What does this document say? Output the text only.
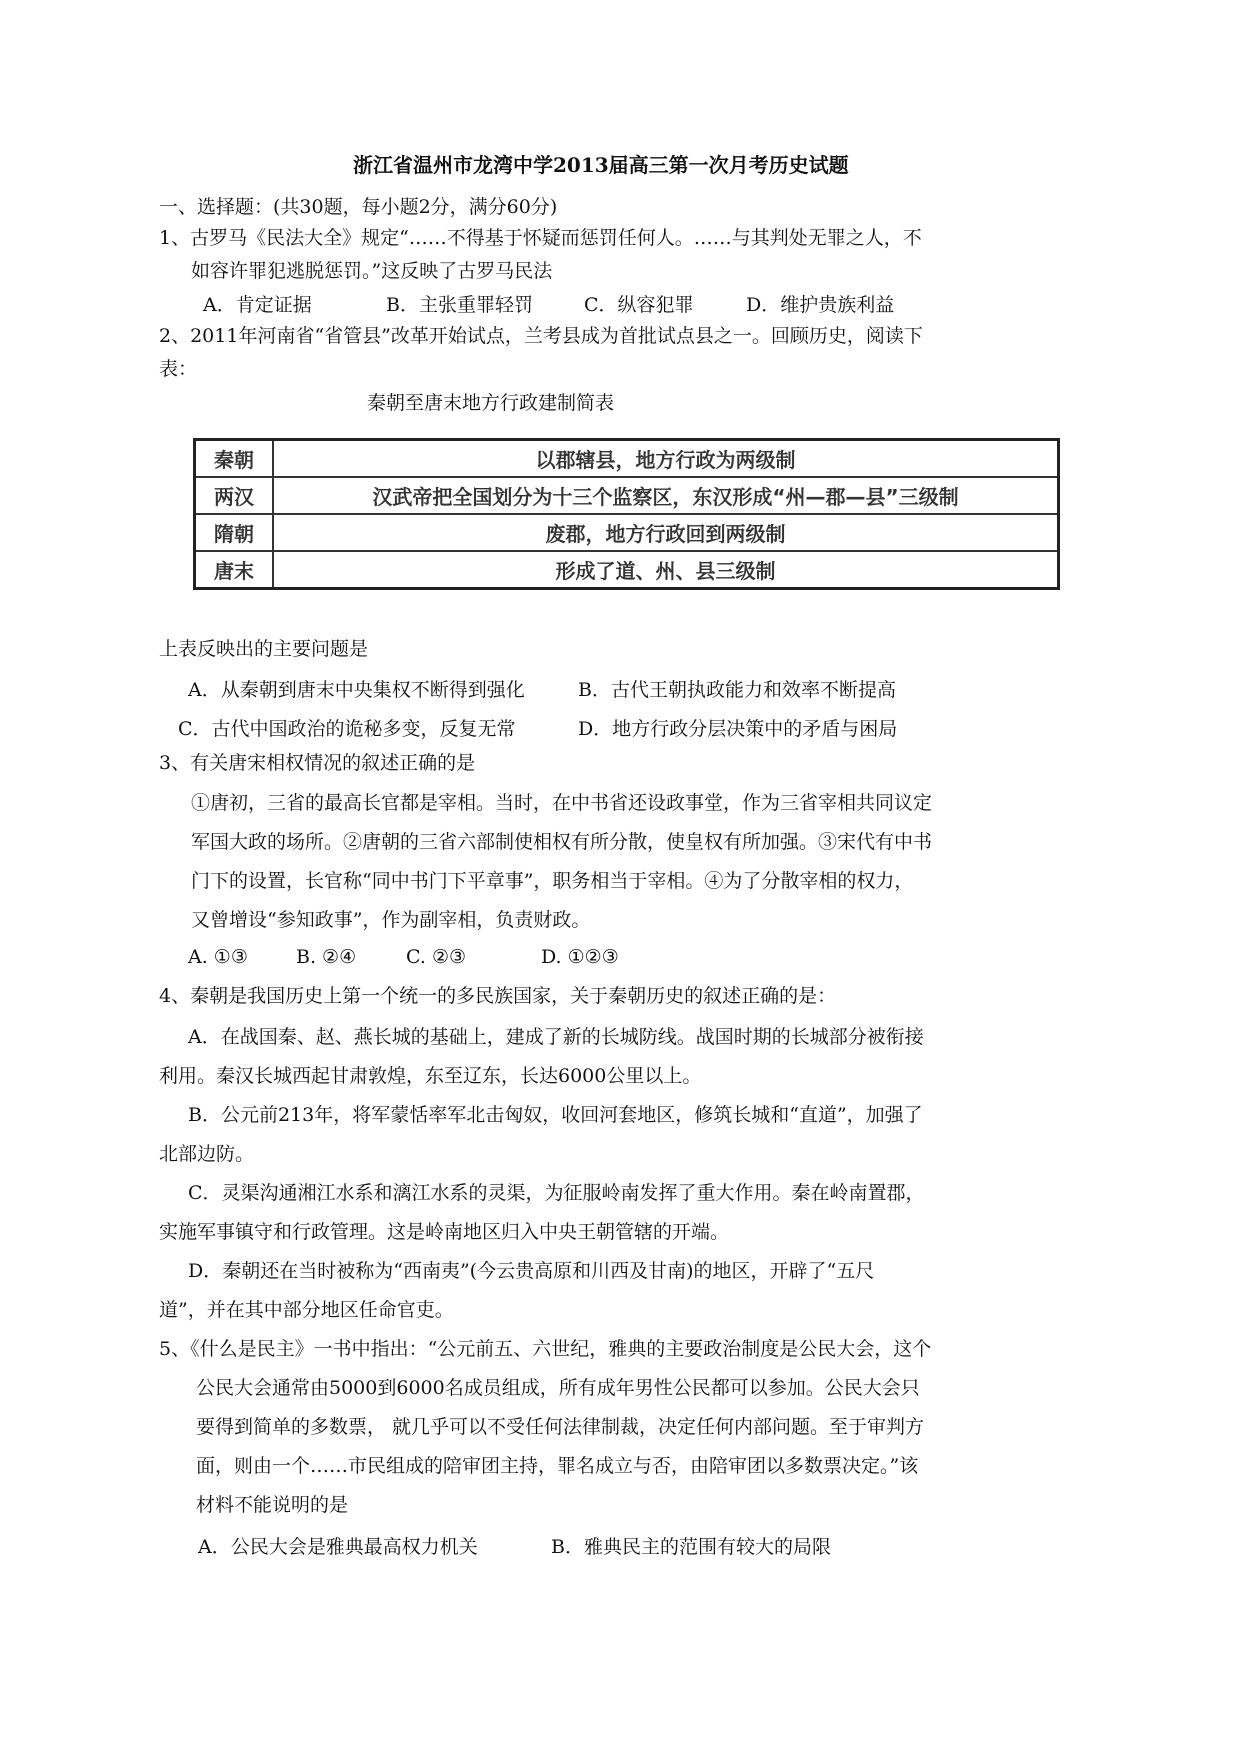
浙江省温州市龙湾中学2013届高三第一次月考历史试题
一、选择题：(共30题，每小题2分，满分60分)
1、古罗马《民法大全》规定“……不得基于怀疑而惩罚任何人。……与其判处无罪之人，不
如容许罪犯逃脱惩罚。”这反映了古罗马民法
A．肯定证据	B．主张重罪轻罚	C．纵容犯罪	D．维护贵族利益
2、2011年河南省“省管县”改革开始试点，兰考县成为首批试点县之一。回顾历史，阅读下
表：
秦朝至唐末地方行政建制简表
秦朝	以郡辖县，地方行政为两级制
两汉	汉武帝把全国划分为十三个监察区，东汉形成“州—郡—县”三级制
隋朝	废郡，地方行政回到两级制
唐末	形成了道、州、县三级制
上表反映出的主要问题是
A．从秦朝到唐末中央集权不断得到强化	B．古代王朝执政能力和效率不断提高
C．古代中国政治的诡秘多变，反复无常	D．地方行政分层决策中的矛盾与困局
3、有关唐宋相权情况的叙述正确的是
①唐初，三省的最高长官都是宰相。当时，在中书省还设政事堂，作为三省宰相共同议定
军国大政的场所。②唐朝的三省六部制使相权有所分散，使皇权有所加强。③宋代有中书
门下的设置，长官称“同中书门下平章事”，职务相当于宰相。④为了分散宰相的权力，
又曾增设“参知政事”，作为副宰相，负责财政。
A. ①③	B. ②④	C. ②③	D. ①②③
4、秦朝是我国历史上第一个统一的多民族国家，关于秦朝历史的叙述正确的是：
A．在战国秦、赵、燕长城的基础上，建成了新的长城防线。战国时期的长城部分被衔接
利用。秦汉长城西起甘肃敦煌，东至辽东，长达6000公里以上。
B．公元前213年，将军蒙恬率军北击匈奴，收回河套地区，修筑长城和“直道”，加强了
北部边防。
C．灵渠沟通湘江水系和漓江水系的灵渠，为征服岭南发挥了重大作用。秦在岭南置郡，
实施军事镇守和行政管理。这是岭南地区归入中央王朝管辖的开端。
D．秦朝还在当时被称为“西南夷”(今云贵高原和川西及甘南)的地区，开辟了“五尺
道”，并在其中部分地区任命官吏。
5、《什么是民主》一书中指出：“公元前五、六世纪，雅典的主要政治制度是公民大会，这个
公民大会通常由5000到6000名成员组成，所有成年男性公民都可以参加。公民大会只
要得到简单的多数票， 就几乎可以不受任何法律制裁，决定任何内部问题。至于审判方
面，则由一个……市民组成的陪审团主持，罪名成立与否，由陪审团以多数票决定。”该
材料不能说明的是
A．公民大会是雅典最高权力机关	B．雅典民主的范围有较大的局限
